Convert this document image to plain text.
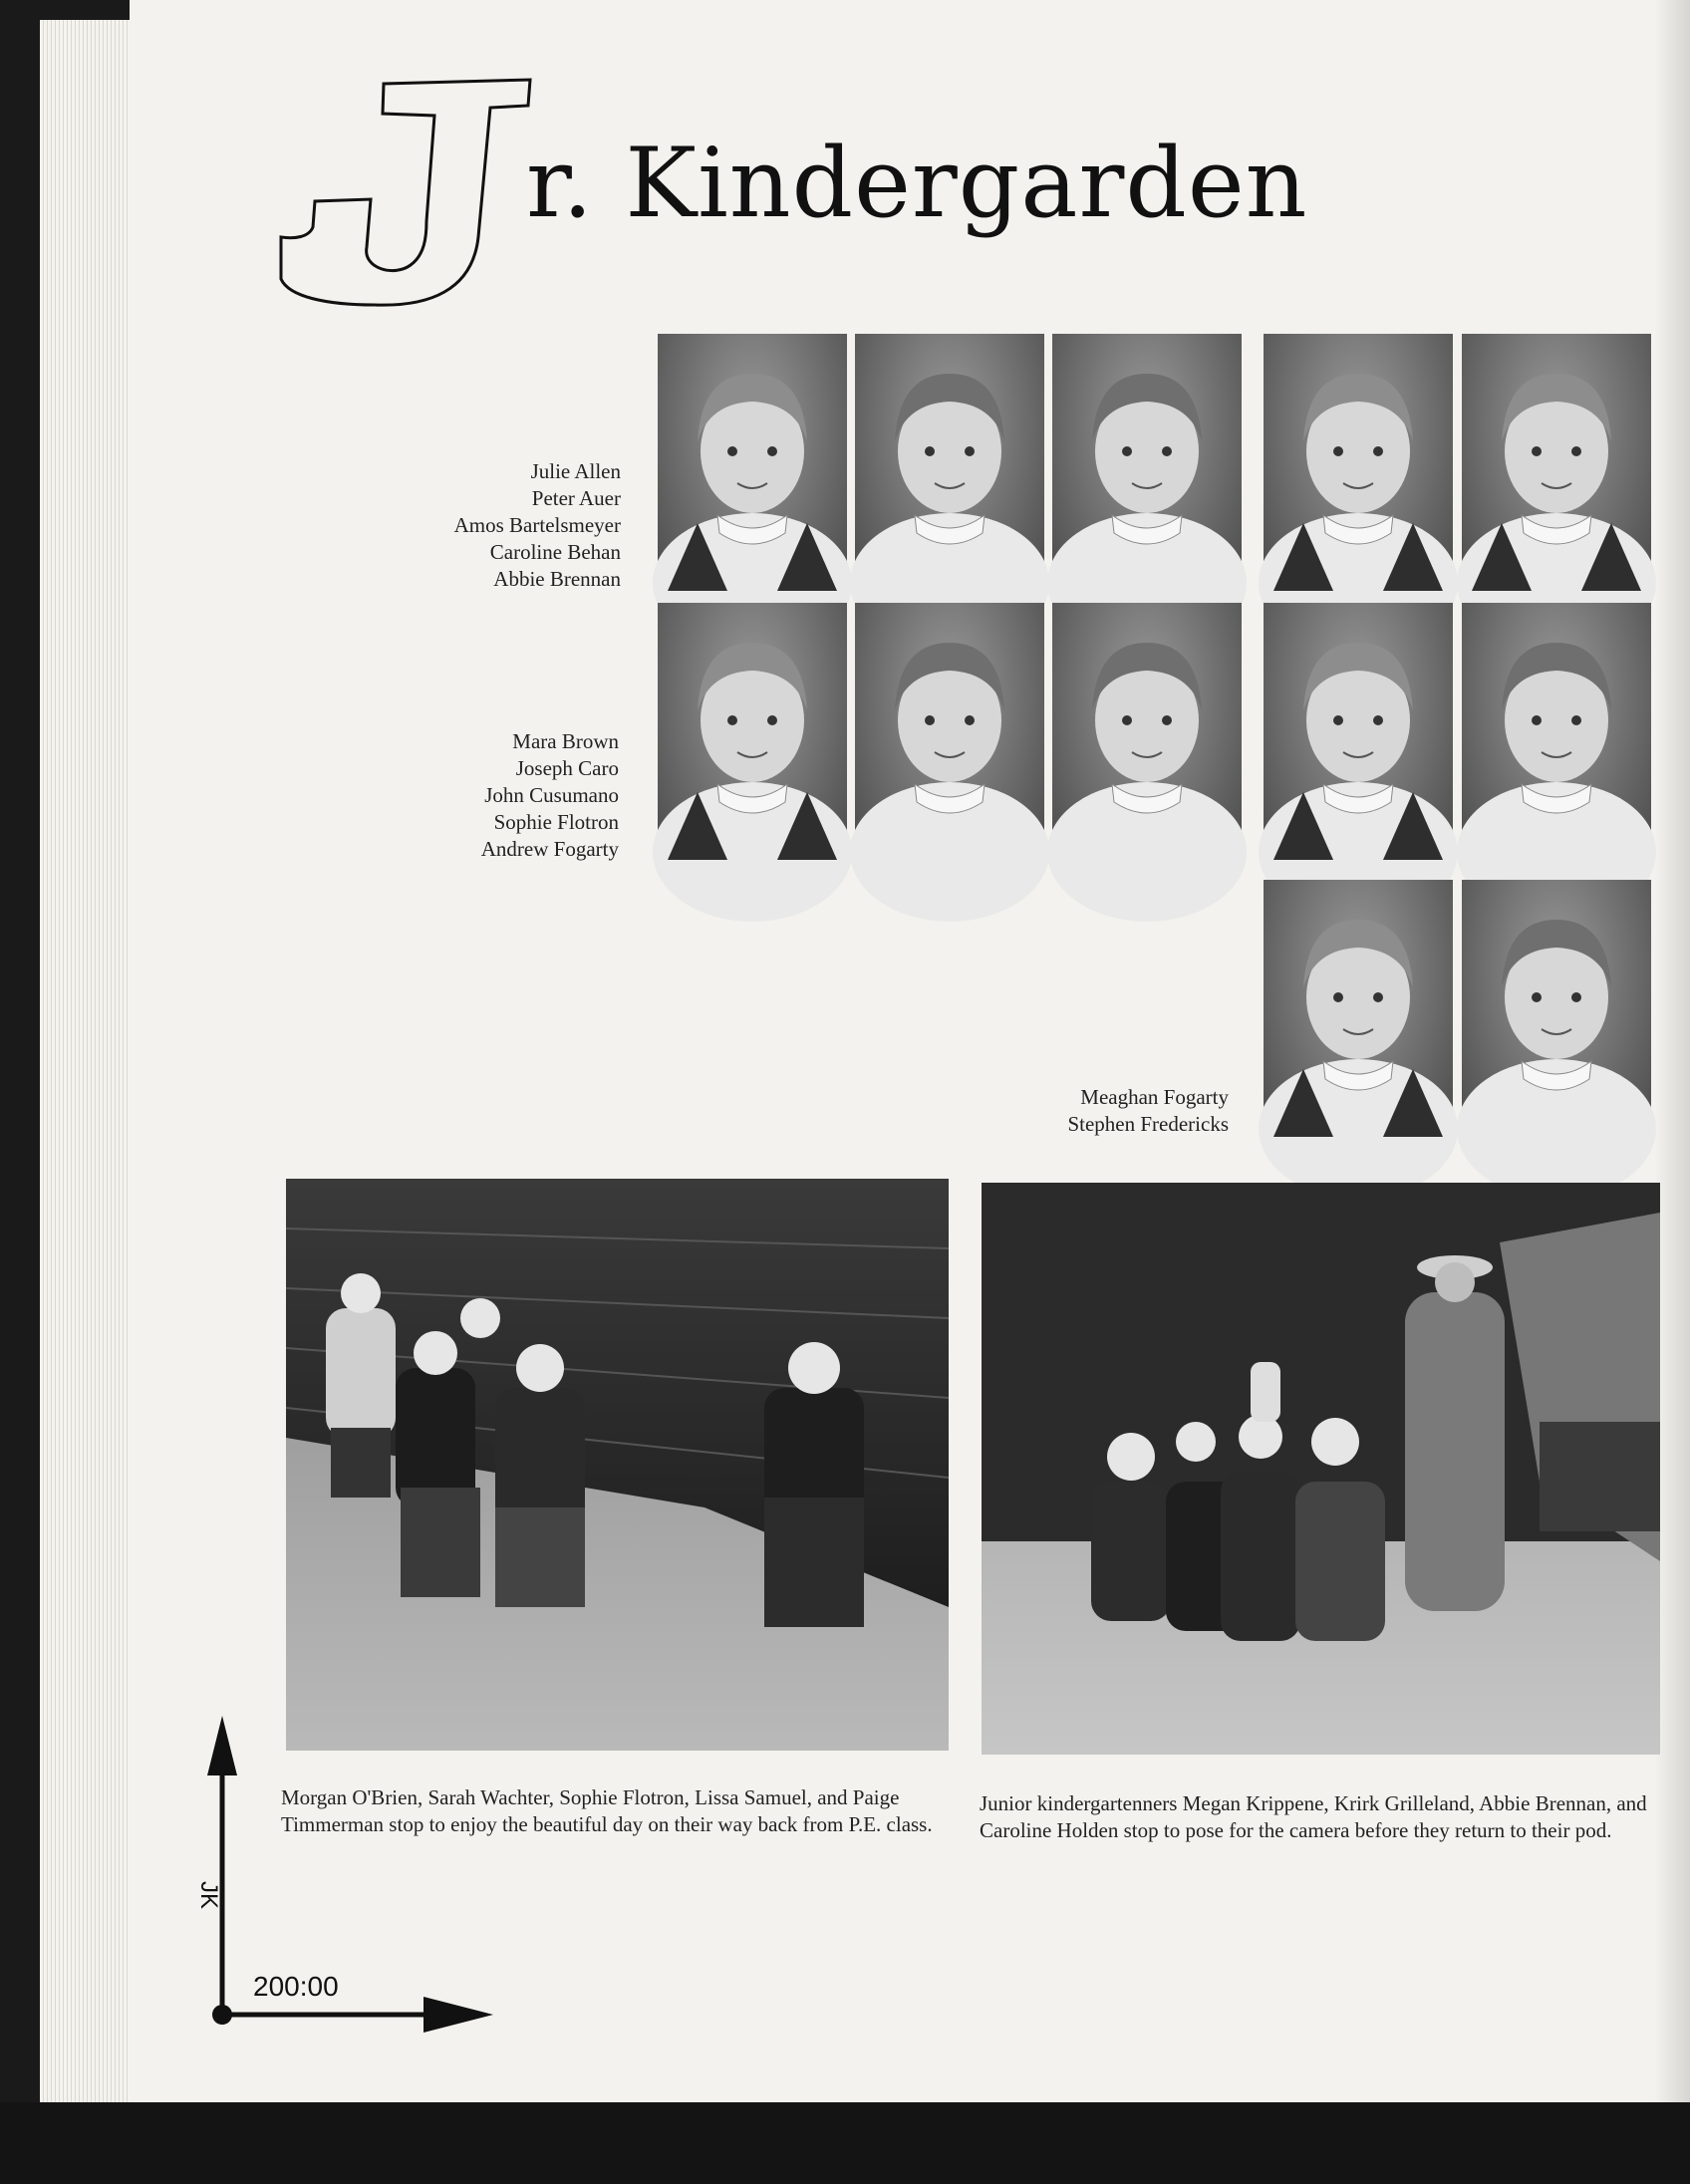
r. Kindergarden
Julie Allen
Peter Auer
Amos Bartelsmeyer
Caroline Behan
Abbie Brennan
Mara Brown
Joseph Caro
John Cusumano
Sophie Flotron
Andrew Fogarty
Meaghan Fogarty
Stephen Fredericks
Morgan O'Brien, Sarah Wachter, Sophie Flotron, Lissa Samuel, and Paige Timmerman stop to enjoy the beautiful day on their way back from P.E. class.
Junior kindergartenners Megan Krippene, Krirk Grilleland, Abbie Brennan, and Caroline Holden stop to pose for the camera before they return to their pod.
JK
200:00
